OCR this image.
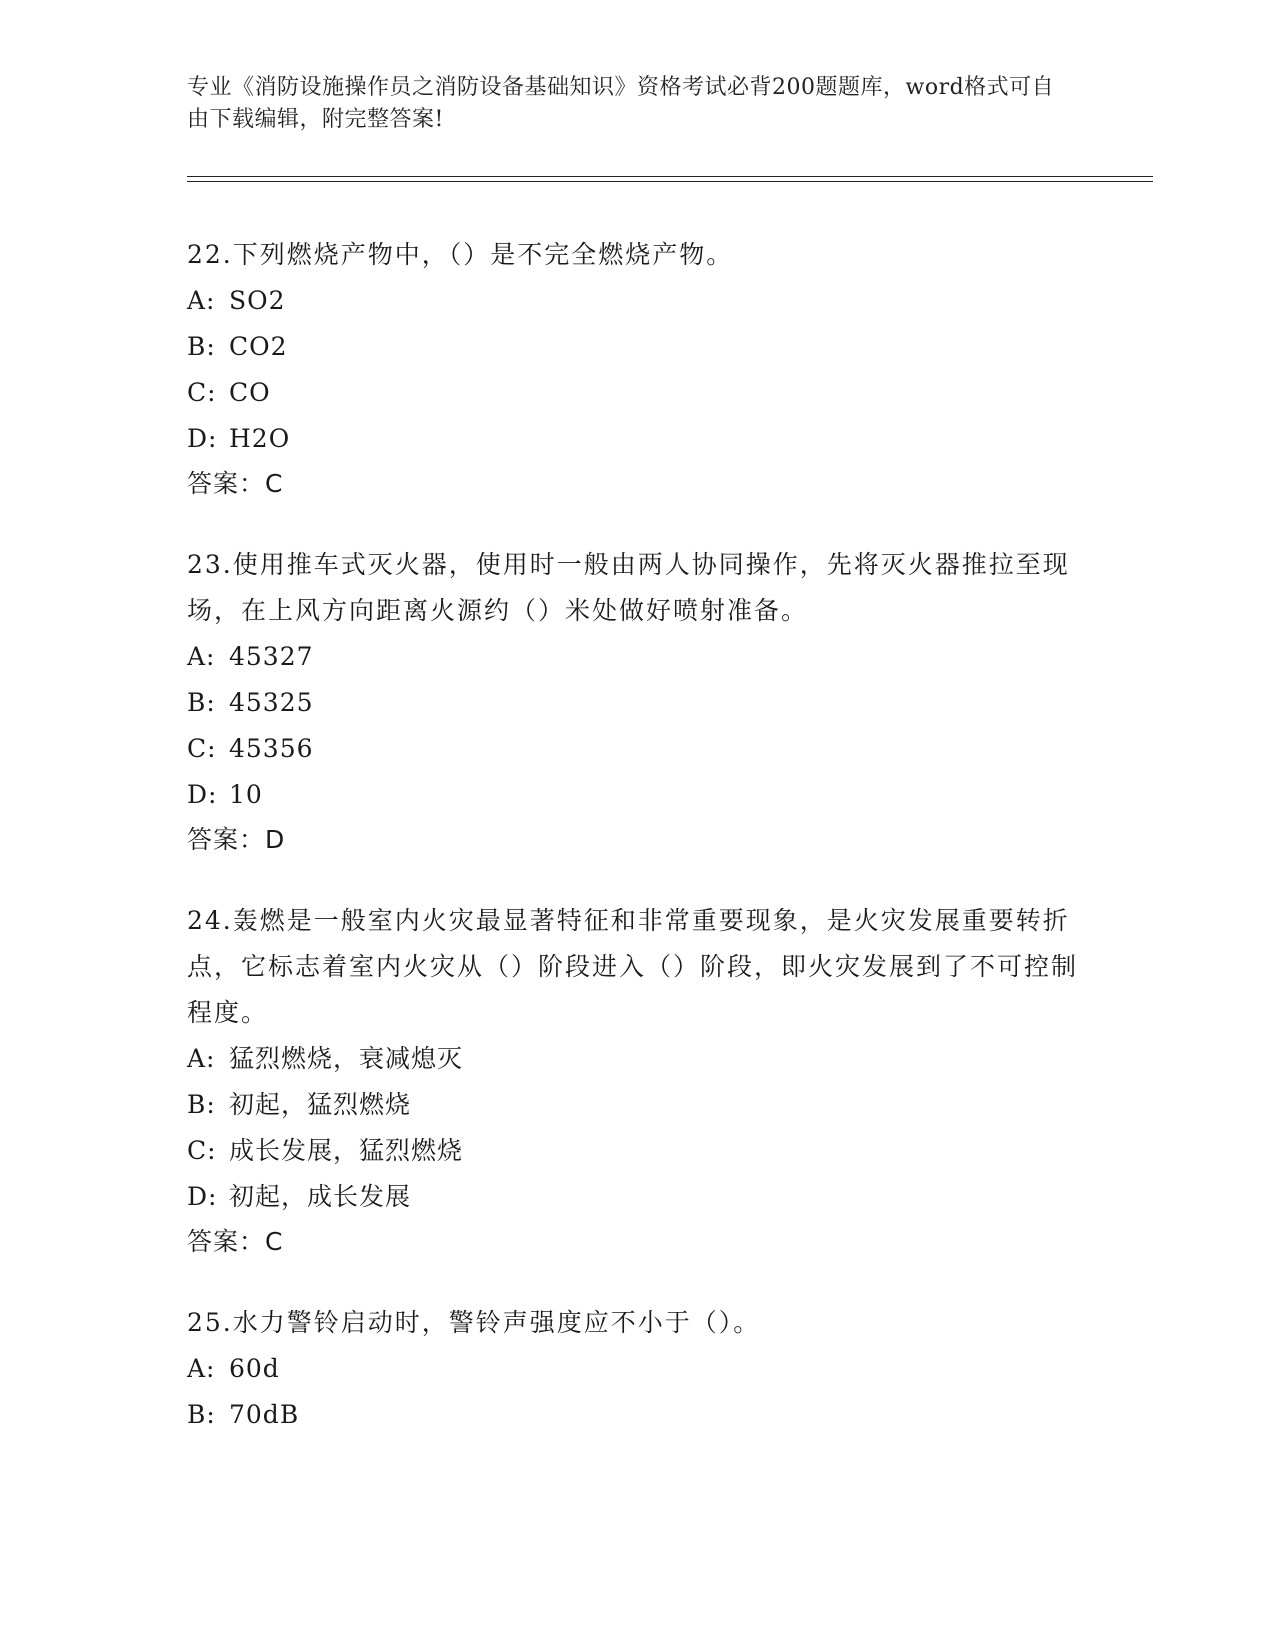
专业《消防设施操作员之消防设备基础知识》资格考试必背200题题库，word格式可自由下载编辑，附完整答案!

22.下列燃烧产物中，（）是不完全燃烧产物。

A: SO2

B: CO2

C: CO

D: H2O

答案：C

23.使用推车式灭火器，使用时一般由两人协同操作，先将灭火器推拉至现场，在上风方向距离火源约（）米处做好喷射准备。

A: 45327

B: 45325

C: 45356

D: 10

答案：D

24.轰燃是一般室内火灾最显著特征和非常重要现象，是火灾发展重要转折点，它标志着室内火灾从（）阶段进入（）阶段，即火灾发展到了不可控制程度。

A: 猛烈燃烧，衰减熄灭

B: 初起，猛烈燃烧

C: 成长发展，猛烈燃烧

D: 初起，成长发展

答案：C

25.水力警铃启动时，警铃声强度应不小于（）。

A: 60d

B: 70dB
